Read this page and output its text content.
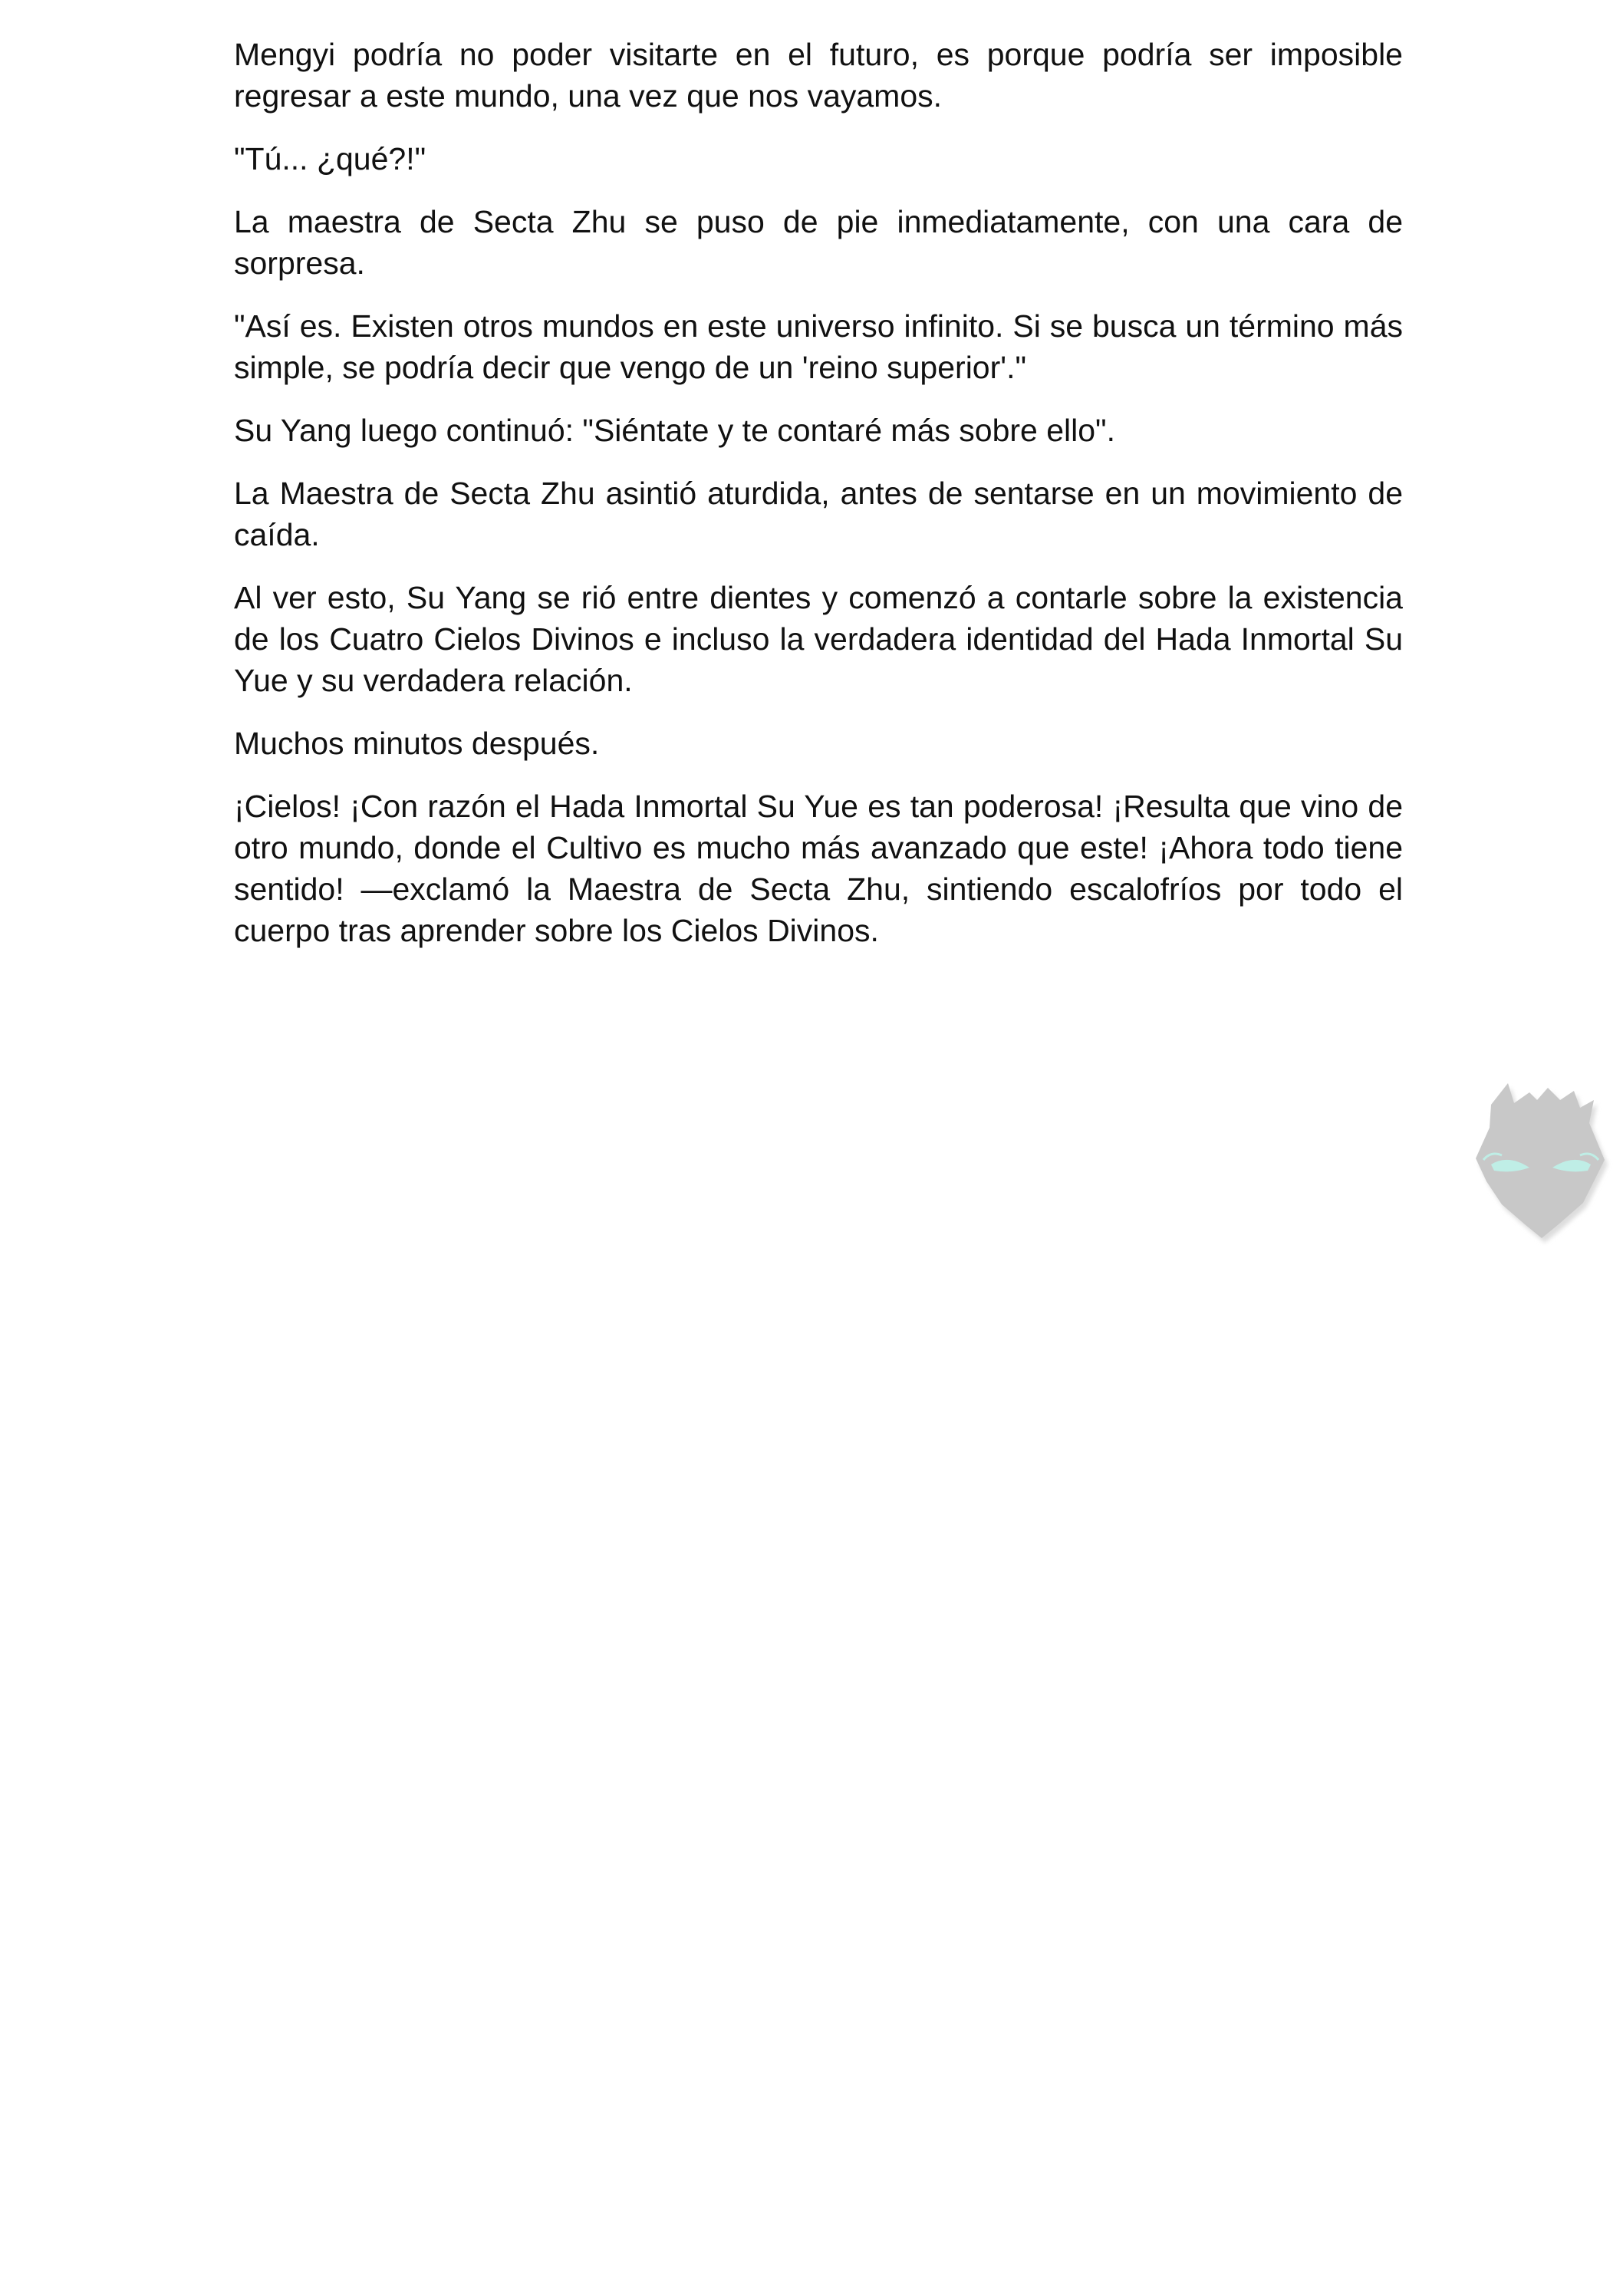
Mengyi podría no poder visitarte en el futuro, es porque podría ser imposible regresar a este mundo, una vez que nos vayamos.

"Tú... ¿qué?!"

La maestra de Secta Zhu se puso de pie inmediatamente, con una cara de sorpresa.

"Así es. Existen otros mundos en este universo infinito. Si se busca un término más simple, se podría decir que vengo de un 'reino superior'."

Su Yang luego continuó: "Siéntate y te contaré más sobre ello".

La Maestra de Secta Zhu asintió aturdida, antes de sentarse en un movimiento de caída.

Al ver esto, Su Yang se rió entre dientes y comenzó a contarle sobre la existencia de los Cuatro Cielos Divinos e incluso la verdadera identidad del Hada Inmortal Su Yue y su verdadera relación.

Muchos minutos después.

¡Cielos! ¡Con razón el Hada Inmortal Su Yue es tan poderosa! ¡Resulta que vino de otro mundo, donde el Cultivo es mucho más avanzado que este! ¡Ahora todo tiene sentido! —exclamó la Maestra de Secta Zhu, sintiendo escalofríos por todo el cuerpo tras aprender sobre los Cielos Divinos.
